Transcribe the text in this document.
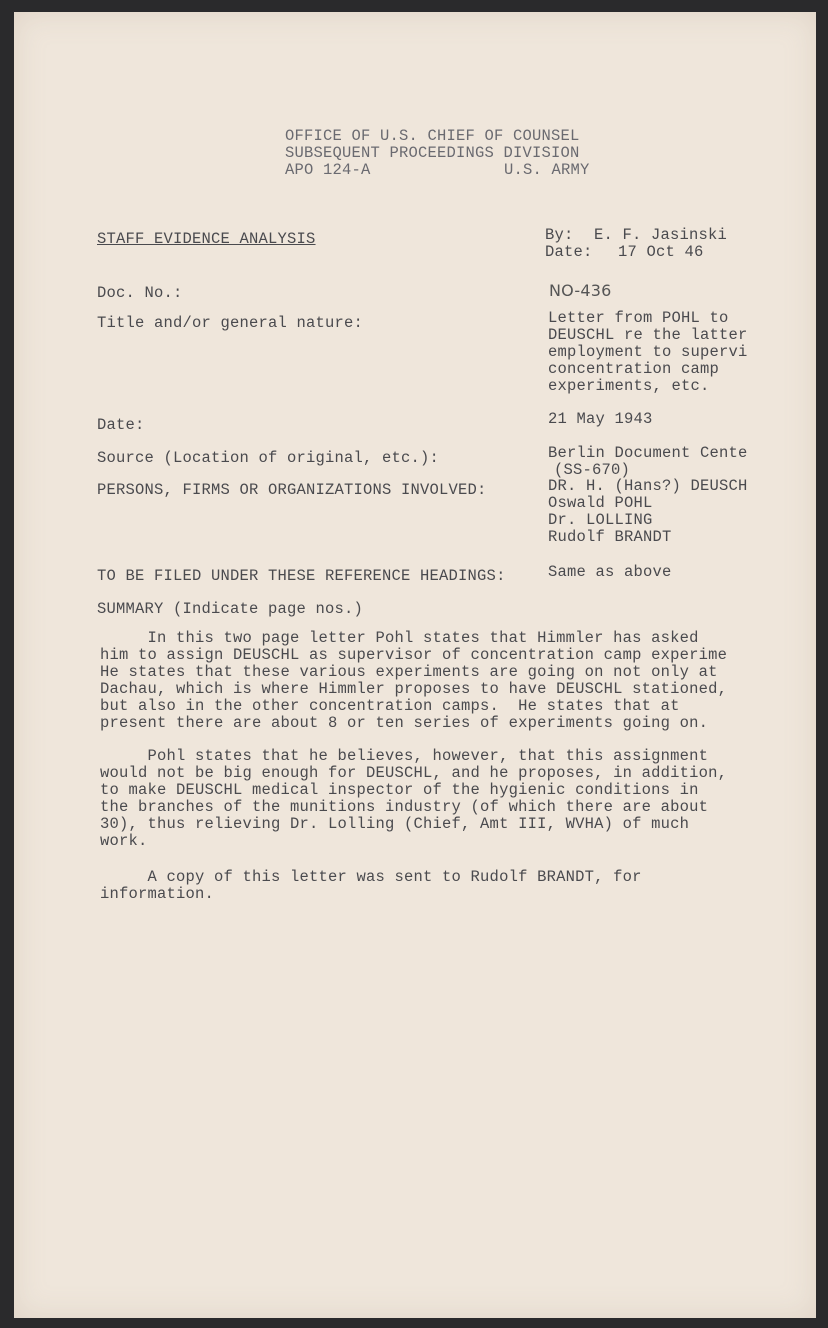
OFFICE OF U.S. CHIEF OF COUNSEL
SUBSEQUENT PROCEEDINGS DIVISION
APO 124-A	U.S. ARMY
STAFF EVIDENCE ANALYSIS	By: E. F. Jasinski
Date: 17 Oct 46
Doc. No.:	NO-436
Title and/or general nature:	Letter from POHL to
DEUSCHL re the latter
employment to supervi
concentration camp
experiments, etc.
Date:	21 May 1943
Source (Location of original, etc.):	Berlin Document Cente
(SS-670)
PERSONS, FIRMS OR ORGANIZATIONS INVOLVED:	DR. H. (Hans?) DEUSCH
Oswald POHL
Dr. LOLLING
Rudolf BRANDT
TO BE FILED UNDER THESE REFERENCE HEADINGS:	Same as above
SUMMARY (Indicate page nos.)
In this two page letter Pohl states that Himmler has asked
him to assign DEUSCHL as supervisor of concentration camp experime
He states that these various experiments are going on not only at
Dachau, which is where Himmler proposes to have DEUSCHL stationed,
but also in the other concentration camps.  He states that at
present there are about 8 or ten series of experiments going on.
Pohl states that he believes, however, that this assignment
would not be big enough for DEUSCHL, and he proposes, in addition,
to make DEUSCHL medical inspector of the hygienic conditions in
the branches of the munitions industry (of which there are about
30), thus relieving Dr. Lolling (Chief, Amt III, WVHA) of much
work.
A copy of this letter was sent to Rudolf BRANDT, for
information.
